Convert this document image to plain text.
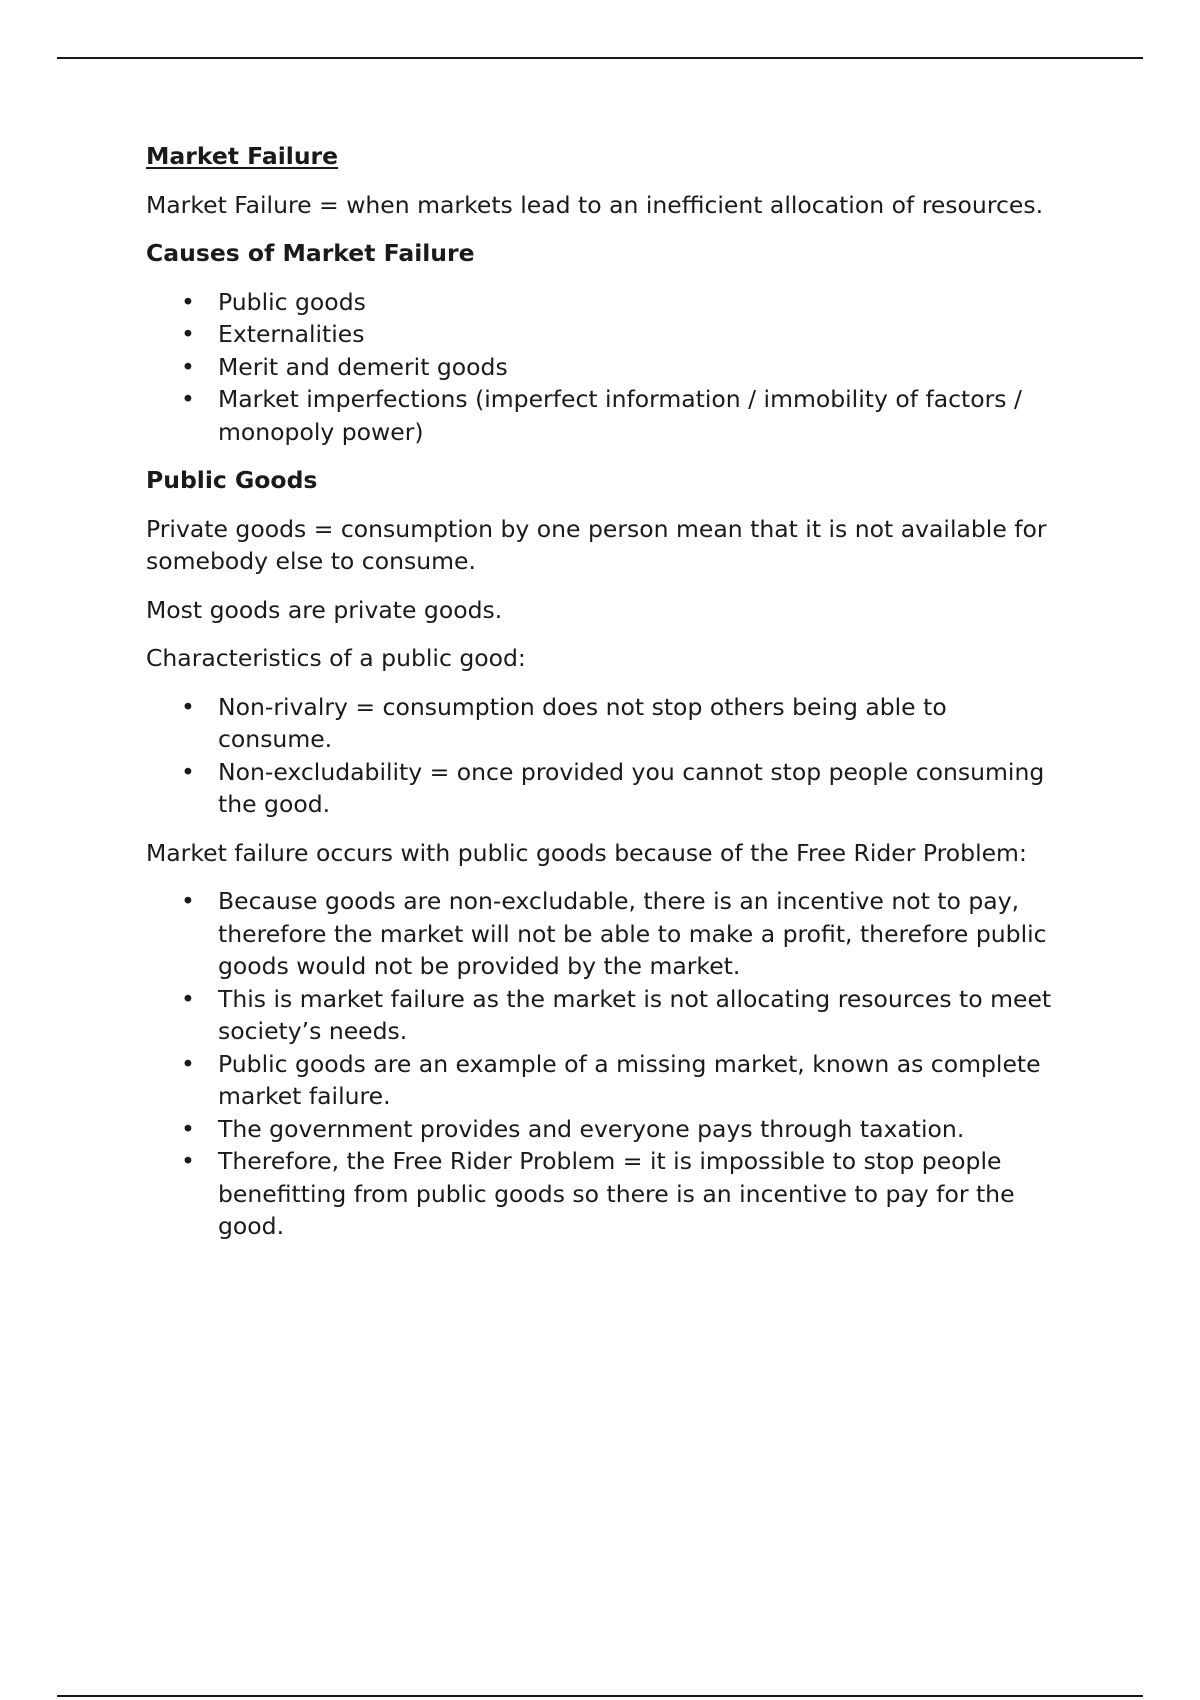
Market Failure

Market Failure = when markets lead to an inefficient allocation of resources.

Causes of Market Failure
• Public goods
• Externalities
• Merit and demerit goods
• Market imperfections (imperfect information / immobility of factors / monopoly power)
Public Goods

Private goods = consumption by one person mean that it is not available for somebody else to consume.

Most goods are private goods.

Characteristics of a public good:

• Non-rivalry = consumption does not stop others being able to consume.
• Non-excludability = once provided you cannot stop people consuming the good.

Market failure occurs with public goods because of the Free Rider Problem:

• Because goods are non-excludable, there is an incentive not to pay, therefore the market will not be able to make a profit, therefore public goods would not be provided by the market.
• This is market failure as the market is not allocating resources to meet society’s needs.
• Public goods are an example of a missing market, known as complete market failure.
• The government provides and everyone pays through taxation.
• Therefore, the Free Rider Problem = it is impossible to stop people benefitting from public goods so there is an incentive to pay for the good.
